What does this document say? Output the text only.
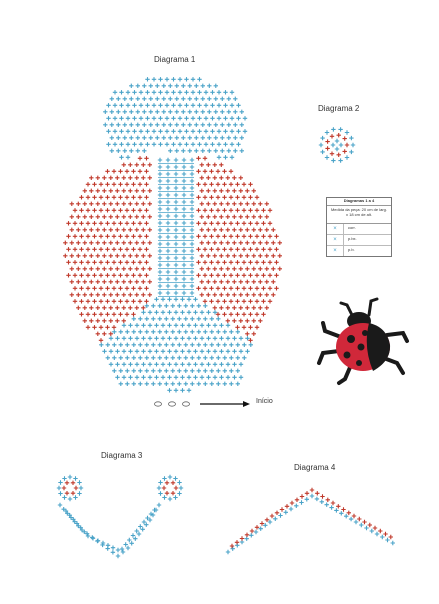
Diagrama 1
Diagrama 2
Diagrama 3
Diagrama 4
Início
Diagramas 1 a 4
Medida da peça: 20 cm de larg. x 18 cm de alt.
×	corr.
×	p.bx.
×	p.b.
